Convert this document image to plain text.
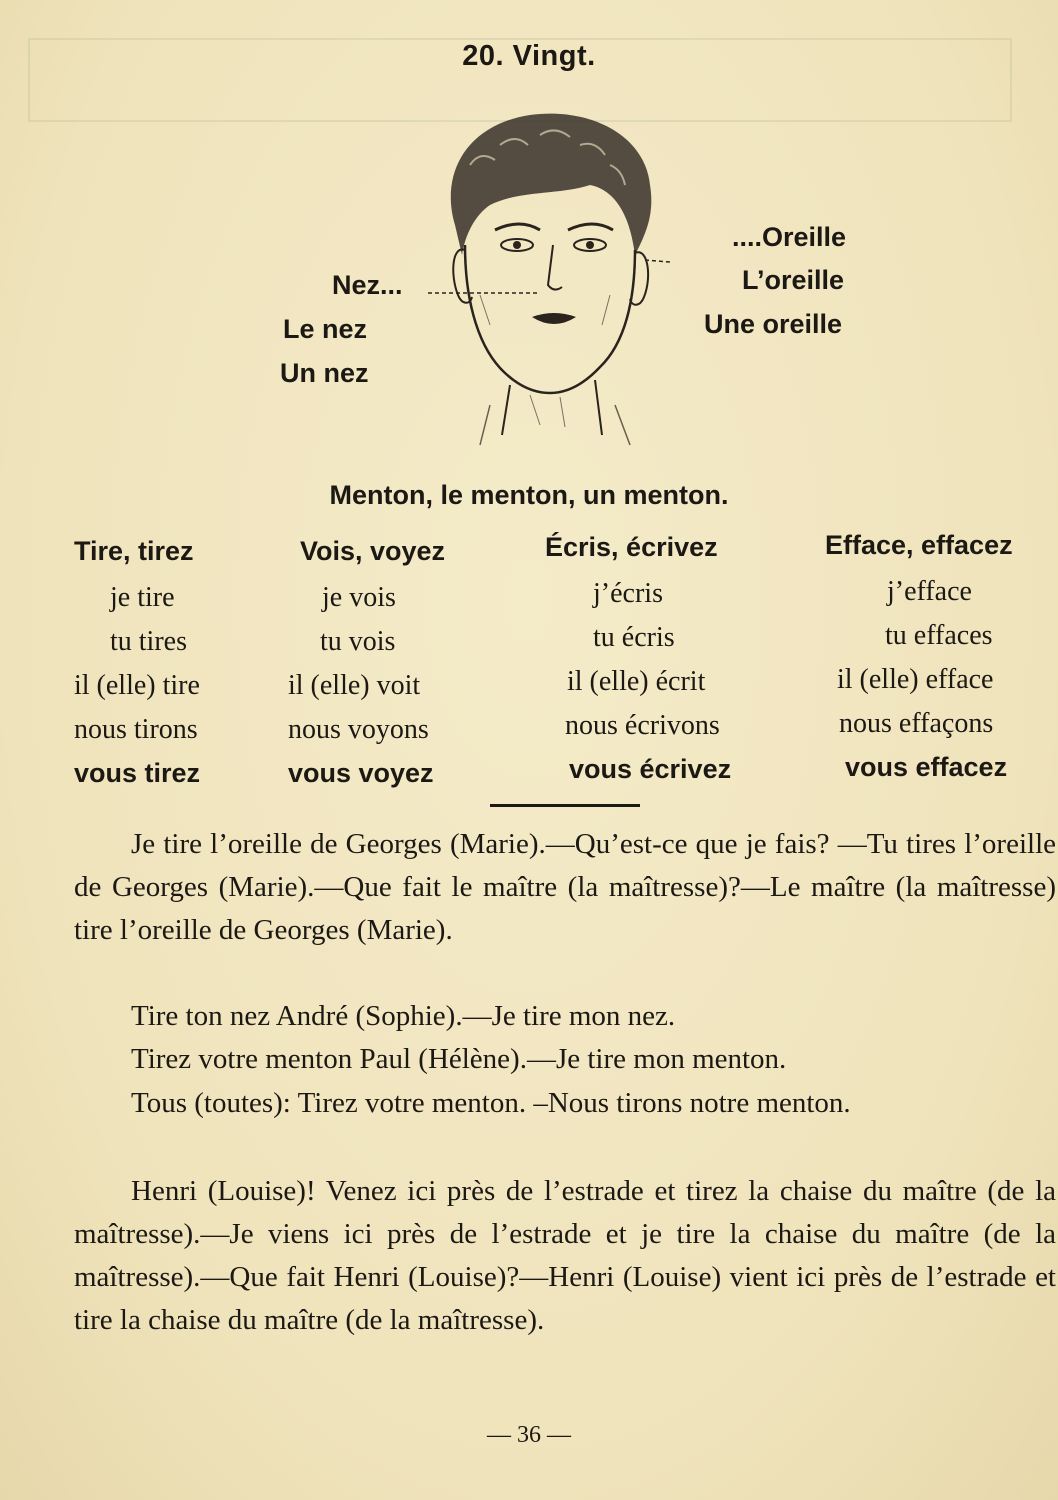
20. Vingt.
Nez...
Le nez
Un nez
....Oreille
L’oreille
Une oreille
Menton, le menton, un menton.
Tire, tirez
je tire
tu tires
il (elle) tire
nous tirons
vous tirez
Vois, voyez
je vois
tu vois
il (elle) voit
nous voyons
vous voyez
Écris, écrivez
j’écris
tu écris
il (elle) écrit
nous écrivons
vous écrivez
Efface, effacez
j’efface
tu effaces
il (elle) efface
nous effaçons
vous effacez

Je tire l’oreille de Georges (Marie).—Qu’est-ce que je fais? —Tu tires l’oreille de Georges (Marie).—Que fait le maître (la maîtresse)?—Le maître (la maîtresse) tire l’oreille de Georges (Marie).

Tire ton nez André (Sophie).—Je tire mon nez.

Tirez votre menton Paul (Hélène).—Je tire mon menton.

Tous (toutes): Tirez votre menton. –Nous tirons notre menton.

Henri (Louise)! Venez ici près de l’estrade et tirez la chaise du maître (de la maîtresse).—Je viens ici près de l’estrade et je tire la chaise du maître (de la maîtresse).—Que fait Henri (Louise)?—Henri (Louise) vient ici près de l’estrade et tire la chaise du maître (de la maîtresse).

— 36 —
